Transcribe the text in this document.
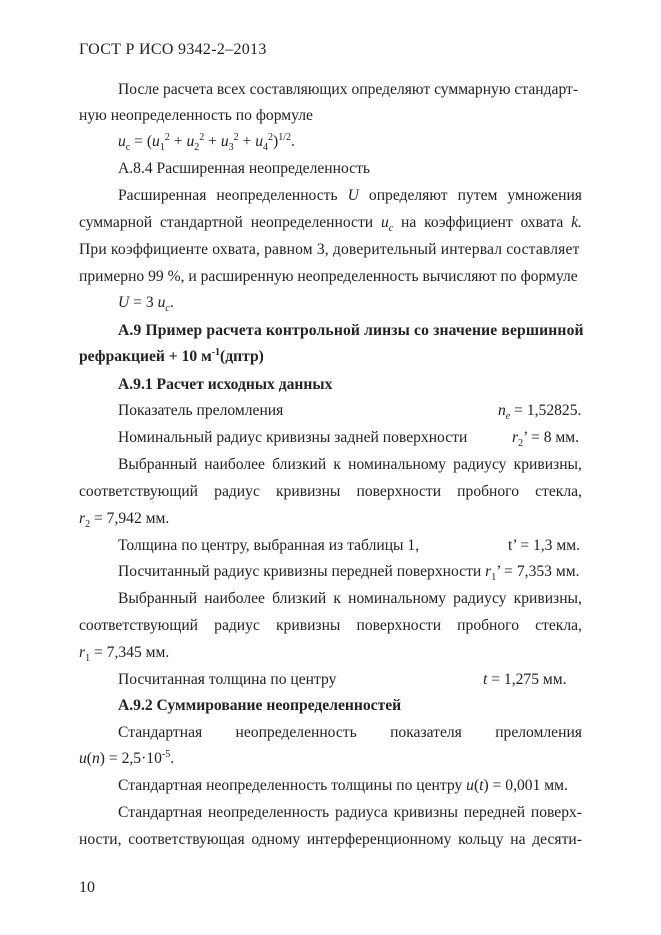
ГОСТ Р ИСО 9342-2–2013
После расчета всех составляющих определяют суммарную стандарт-
ную неопределенность по формуле
$u_c = (u_1^2 + u_2^2 + u_3^2 + u_4^2)^{1/2}$.
А.8.4 Расширенная неопределенность
Расширенная неопределенность U определяют путем умножения
суммарной стандартной неопределенности $u_c$ на коэффициент охвата k.
При коэффициенте охвата, равном 3, доверительный интервал составляет
примерно 99 %, и расширенную неопределенность вычисляют по формуле
U = 3 $u_c$.
А.9 Пример расчета контрольной линзы со значение вершинной
рефракцией + 10 $м^{-1}(дптр)$
А.9.1 Расчет исходных данных
Показатель преломления	$n_e = 1,52825$.
Номинальный радиус кривизны задней поверхности	$r_2$’ = 8 мм.
Выбранный наиболее близкий к номинальному радиусу кривизны,
соответствующий радиус кривизны поверхности пробного стекла,
$r_2 = 7,942$ мм.
Толщина по центру, выбранная из таблицы 1,	t’ = 1,3 мм.
Посчитанный радиус кривизны передней поверхности $r_1$’ = 7,353 мм.
Выбранный наиболее близкий к номинальному радиусу кривизны,
соответствующий радиус кривизны поверхности пробного стекла,
$r_1 = 7,345$ мм.
Посчитанная толщина по центру	t = 1,275 мм.
А.9.2 Суммирование неопределенностей
Стандартная неопределенность показателя преломления
$u(n) = 2,5\cdot 10^{-5}$.
Стандартная неопределенность толщины по центру u(t) = 0,001 мм.
Стандартная неопределенность радиуса кривизны передней поверх-
ности, соответствующая одному интерференционному кольцу на десяти-
10
